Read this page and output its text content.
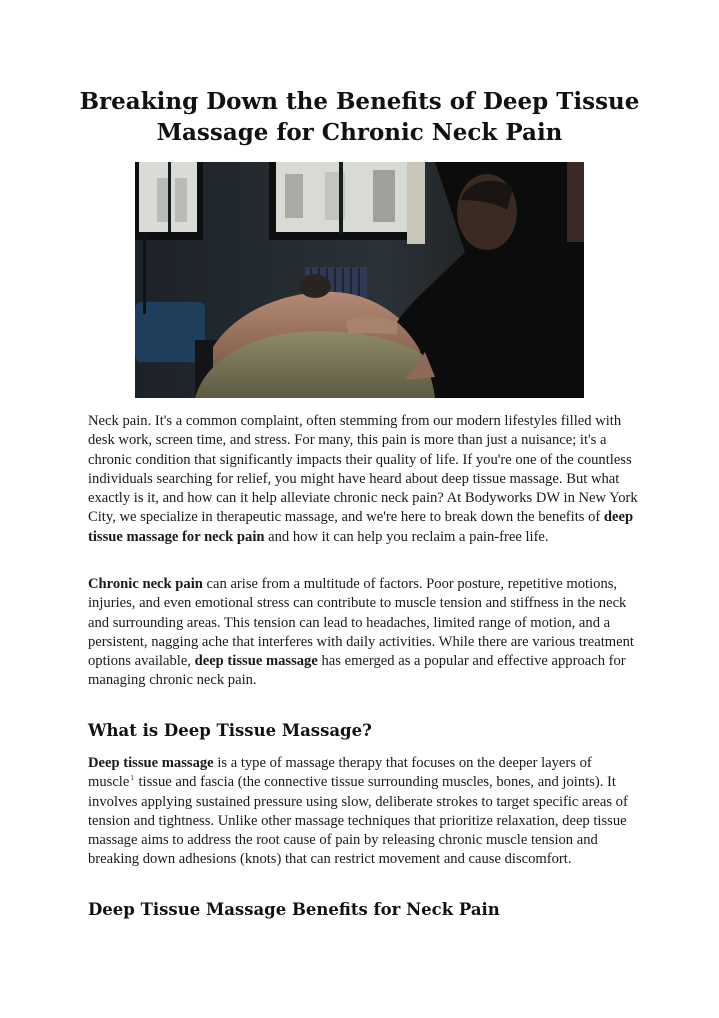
Breaking Down the Benefits of Deep Tissue Massage for Chronic Neck Pain

Neck pain. It's a common complaint, often stemming from our modern lifestyles filled with desk work, screen time, and stress. For many, this pain is more than just a nuisance; it's a chronic condition that significantly impacts their quality of life. If you're one of the countless individuals searching for relief, you might have heard about deep tissue massage. But what exactly is it, and how can it help alleviate chronic neck pain? At Bodyworks DW in New York City, we specialize in therapeutic massage, and we're here to break down the benefits of deep tissue massage for neck pain and how it can help you reclaim a pain-free life.

Chronic neck pain can arise from a multitude of factors. Poor posture, repetitive motions, injuries, and even emotional stress can contribute to muscle tension and stiffness in the neck and surrounding areas. This tension can lead to headaches, limited range of motion, and a persistent, nagging ache that interferes with daily activities. While there are various treatment options available, deep tissue massage has emerged as a popular and effective approach for managing chronic neck pain.

What is Deep Tissue Massage?

Deep tissue massage is a type of massage therapy that focuses on the deeper layers of muscle$^1$ tissue and fascia (the connective tissue surrounding muscles, bones, and joints). It involves applying sustained pressure using slow, deliberate strokes to target specific areas of tension and tightness. Unlike other massage techniques that prioritize relaxation, deep tissue massage aims to address the root cause of pain by releasing chronic muscle tension and breaking down adhesions (knots) that can restrict movement and cause discomfort.

Deep Tissue Massage Benefits for Neck Pain
